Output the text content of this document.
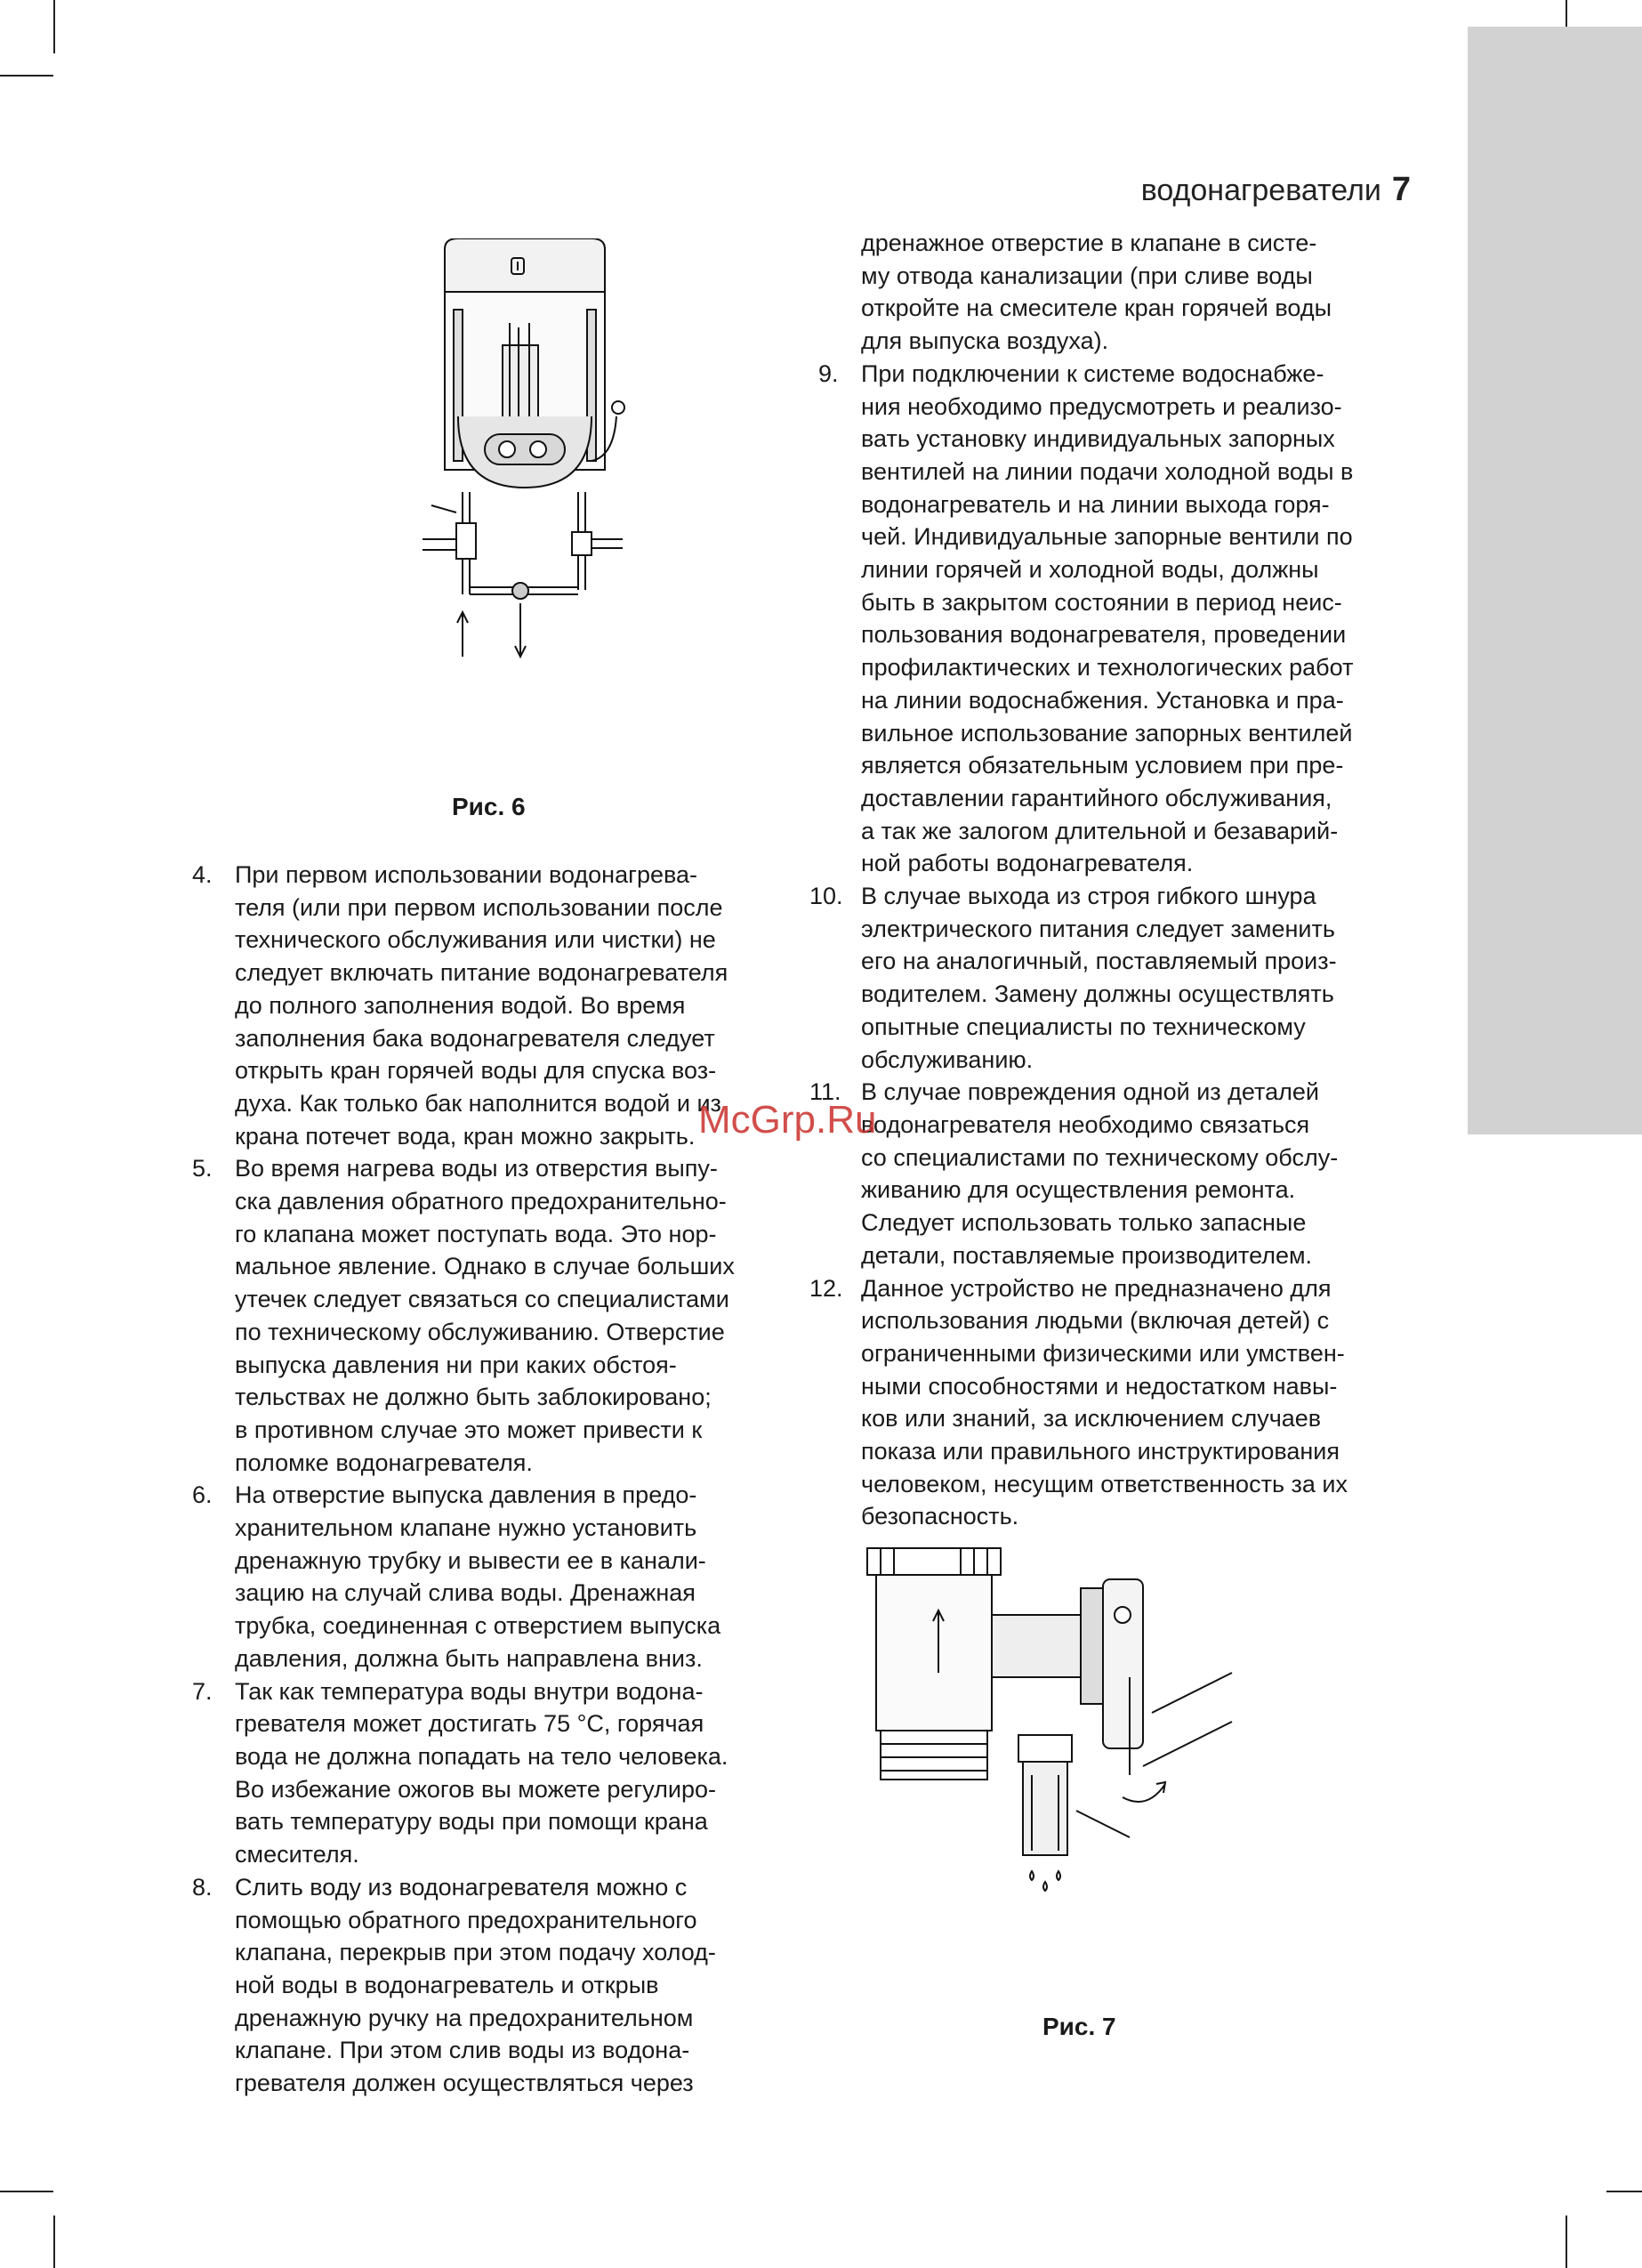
водонагреватели 7
Рис. 6
Рис. 7
4. При первом использовании водонагрева-
теля (или при первом использовании после
технического обслуживания или чистки) не
следует включать питание водонагревателя
до полного заполнения водой. Во время
заполнения бака водонагревателя следует
открыть кран горячей воды для спуска воз-
духа. Как только бак наполнится водой и из
крана потечет вода, кран можно закрыть.
5. Во время нагрева воды из отверстия выпу-
ска давления обратного предохранительно-
го клапана может поступать вода. Это нор-
мальное явление. Однако в случае больших
утечек следует связаться со специалистами
по техническому обслуживанию. Отверстие
выпуска давления ни при каких обстоя-
тельствах не должно быть заблокировано;
в противном случае это может привести к
поломке водонагревателя.
6. На отверстие выпуска давления в предо-
хранительном клапане нужно установить
дренажную трубку и вывести ее в канали-
зацию на случай слива воды. Дренажная
трубка, соединенная с отверстием выпуска
давления, должна быть направлена вниз.
7. Так как температура воды внутри водона-
гревателя может достигать 75 °С, горячая
вода не должна попадать на тело человека.
Во избежание ожогов вы можете регулиро-
вать температуру воды при помощи крана
смесителя.
8. Слить воду из водонагревателя можно с
помощью обратного предохранительного
клапана, перекрыв при этом подачу холод-
ной воды в водонагреватель и открыв
дренажную ручку на предохранительном
клапане. При этом слив воды из водона-
гревателя должен осуществляться через
дренажное отверстие в клапане в систе-
му отвода канализации (при сливе воды
откройте на смесителе кран горячей воды
для выпуска воздуха).
9. При подключении к системе водоснабже-
ния необходимо предусмотреть и реализо-
вать установку индивидуальных запорных
вентилей на линии подачи холодной воды в
водонагреватель и на линии выхода горя-
чей. Индивидуальные запорные вентили по
линии горячей и холодной воды, должны
быть в закрытом состоянии в период неис-
пользования водонагревателя, проведении
профилактических и технологических работ
на линии водоснабжения. Установка и пра-
вильное использование запорных вентилей
является обязательным условием при пре-
доставлении гарантийного обслуживания,
а так же залогом длительной и безаварий-
ной работы водонагревателя.
10. В случае выхода из строя гибкого шнура
электрического питания следует заменить
его на аналогичный, поставляемый произ-
водителем. Замену должны осуществлять
опытные специалисты по техническому
обслуживанию.
11. В случае повреждения одной из деталей
водонагревателя необходимо связаться
со специалистами по техническому обслу-
живанию для осуществления ремонта.
Следует использовать только запасные
детали, поставляемые производителем.
12. Данное устройство не предназначено для
использования людьми (включая детей) с
ограниченными физическими или умствен-
ными способностями и недостатком навы-
ков или знаний, за исключением случаев
показа или правильного инструктирования
человеком, несущим ответственность за их
безопасность.
McGrp.Ru
